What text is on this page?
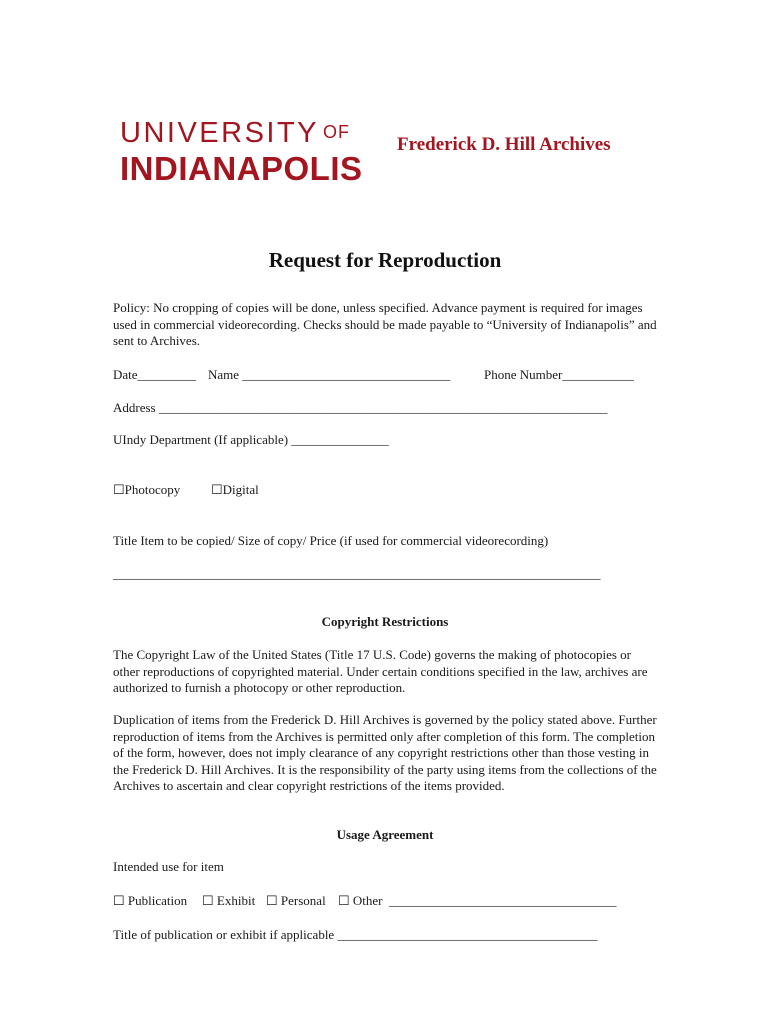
UNIVERSITY OF
INDIANAPOLIS
Frederick D. Hill Archives
Request for Reproduction
Policy: No cropping of copies will be done, unless specified. Advance payment is required for images used in commercial videorecording. Checks should be made payable to “University of Indianapolis” and sent to Archives.
Date_________ Name ________________________________	Phone Number___________
Address _____________________________________________________________________
UIndy Department (If applicable) _______________
☐Photocopy ☐Digital
Title Item to be copied/ Size of copy/ Price (if used for commercial videorecording)
___________________________________________________________________________
Copyright Restrictions
The Copyright Law of the United States (Title 17 U.S. Code) governs the making of photocopies or other reproductions of copyrighted material. Under certain conditions specified in the law, archives are authorized to furnish a photocopy or other reproduction.
Duplication of items from the Frederick D. Hill Archives is governed by the policy stated above. Further reproduction of items from the Archives is permitted only after completion of this form. The completion of the form, however, does not imply clearance of any copyright restrictions other than those vesting in the Frederick D. Hill Archives. It is the responsibility of the party using items from the collections of the Archives to ascertain and clear copyright restrictions of the items provided.
Usage Agreement
Intended use for item
☐ Publication ☐ Exhibit ☐ Personal ☐ Other ___________________________________
Title of publication or exhibit if applicable ________________________________________
